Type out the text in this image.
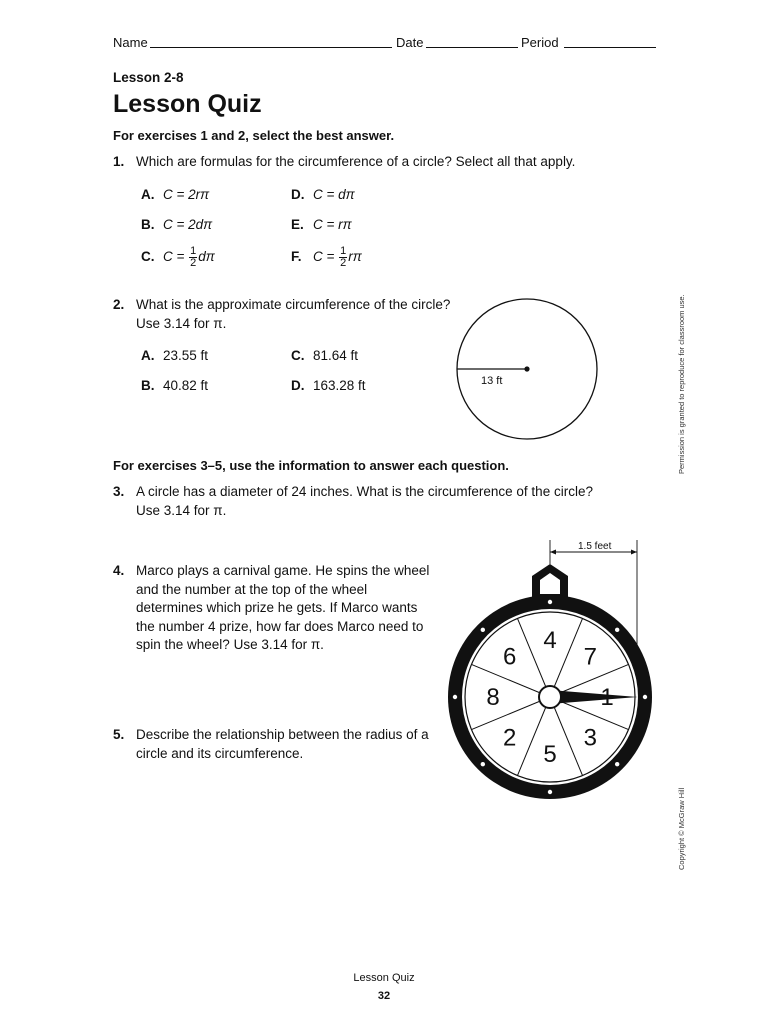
Name	Date	Period
Lesson 2-8
Lesson Quiz
For exercises 1 and 2, select the best answer.
1. Which are formulas for the circumference of a circle? Select all that apply.
A. C = 2rπ
B. C = 2dπ
C. $C = \frac{1}{2}$ dπ
D. C = dπ
E. C = rπ
F. $C = \frac{1}{2}$ rπ
2. What is the approximate circumference of the circle?
Use 3.14 for π.
A. 23.55 ft
B. 40.82 ft
C. 81.64 ft
D. 163.28 ft	13 ft
For exercises 3–5, use the information to answer each question.
3. A circle has a diameter of 24 inches. What is the circumference of the circle?
Use 3.14 for π.
4. Marco plays a carnival game. He spins the wheel
and the number at the top of the wheel
determines which prize he gets. If Marco wants
the number 4 prize, how far does Marco need to
spin the wheel? Use 3.14 for π.
5. Describe the relationship between the radius of a
circle and its circumference.
1.5 feet
4
7
3
5
2
8
6
Permission is granted to reproduce for classroom use.
Copyright © McGraw Hill
Lesson Quiz
32
